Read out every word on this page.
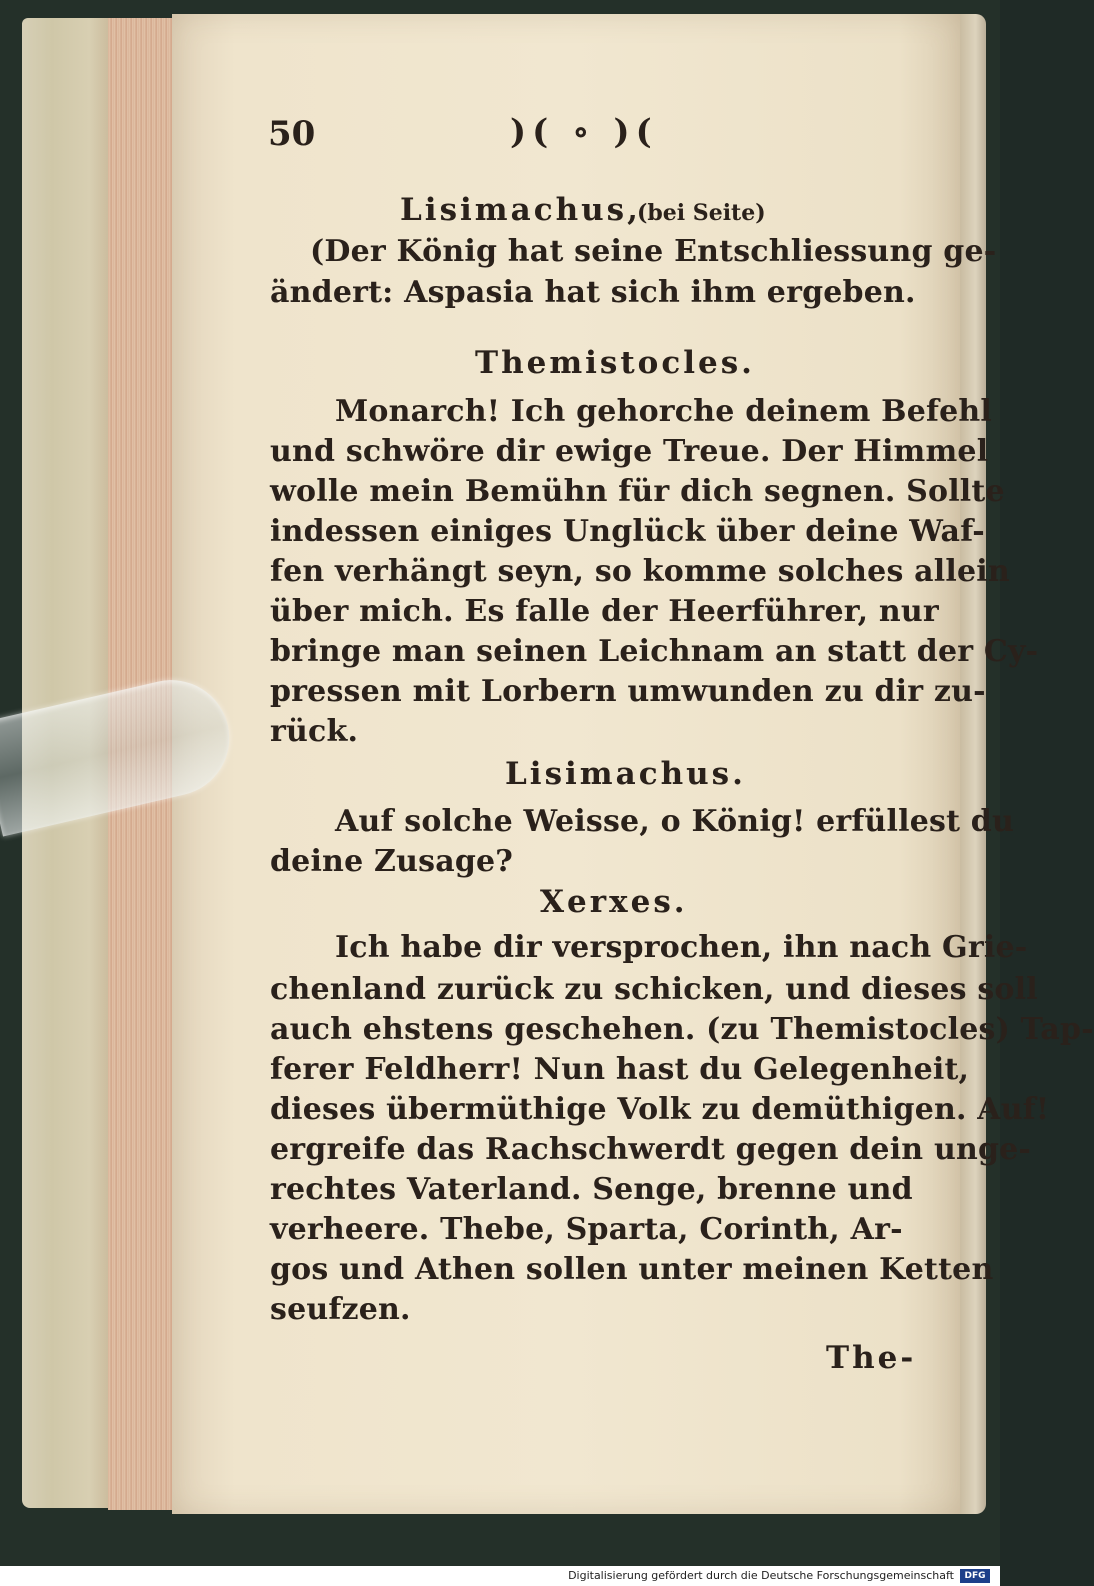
50	)( ∘ )(
Lisimachus,
(bei Seite)
(Der König hat seine Entschliessung ge-
ändert: Aspasia hat sich ihm ergeben.
Themistocles.
Monarch! Ich gehorche deinem Befehl
und schwöre dir ewige Treue. Der Himmel
wolle mein Bemühn für dich segnen. Sollte
indessen einiges Unglück über deine Waf-
fen verhängt seyn, so komme solches allein
über mich. Es falle der Heerführer, nur
bringe man seinen Leichnam an statt der Cy-
pressen mit Lorbern umwunden zu dir zu-
rück.
Lisimachus.
Auf solche Weisse, o König! erfüllest du
deine Zusage?
Xerxes.
Ich habe dir versprochen, ihn nach Grie-
chenland zurück zu schicken, und dieses soll
auch ehstens geschehen. (zu Themistocles) Tap-
ferer Feldherr! Nun hast du Gelegenheit,
dieses übermüthige Volk zu demüthigen. Auf!
ergreife das Rachschwerdt gegen dein unge-
rechtes Vaterland. Senge, brenne und
verheere. Thebe, Sparta, Corinth, Ar-
gos und Athen sollen unter meinen Ketten
seufzen.
The-
Digitalisierung gefördert durch die Deutsche Forschungsgemeinschaft	DFG
